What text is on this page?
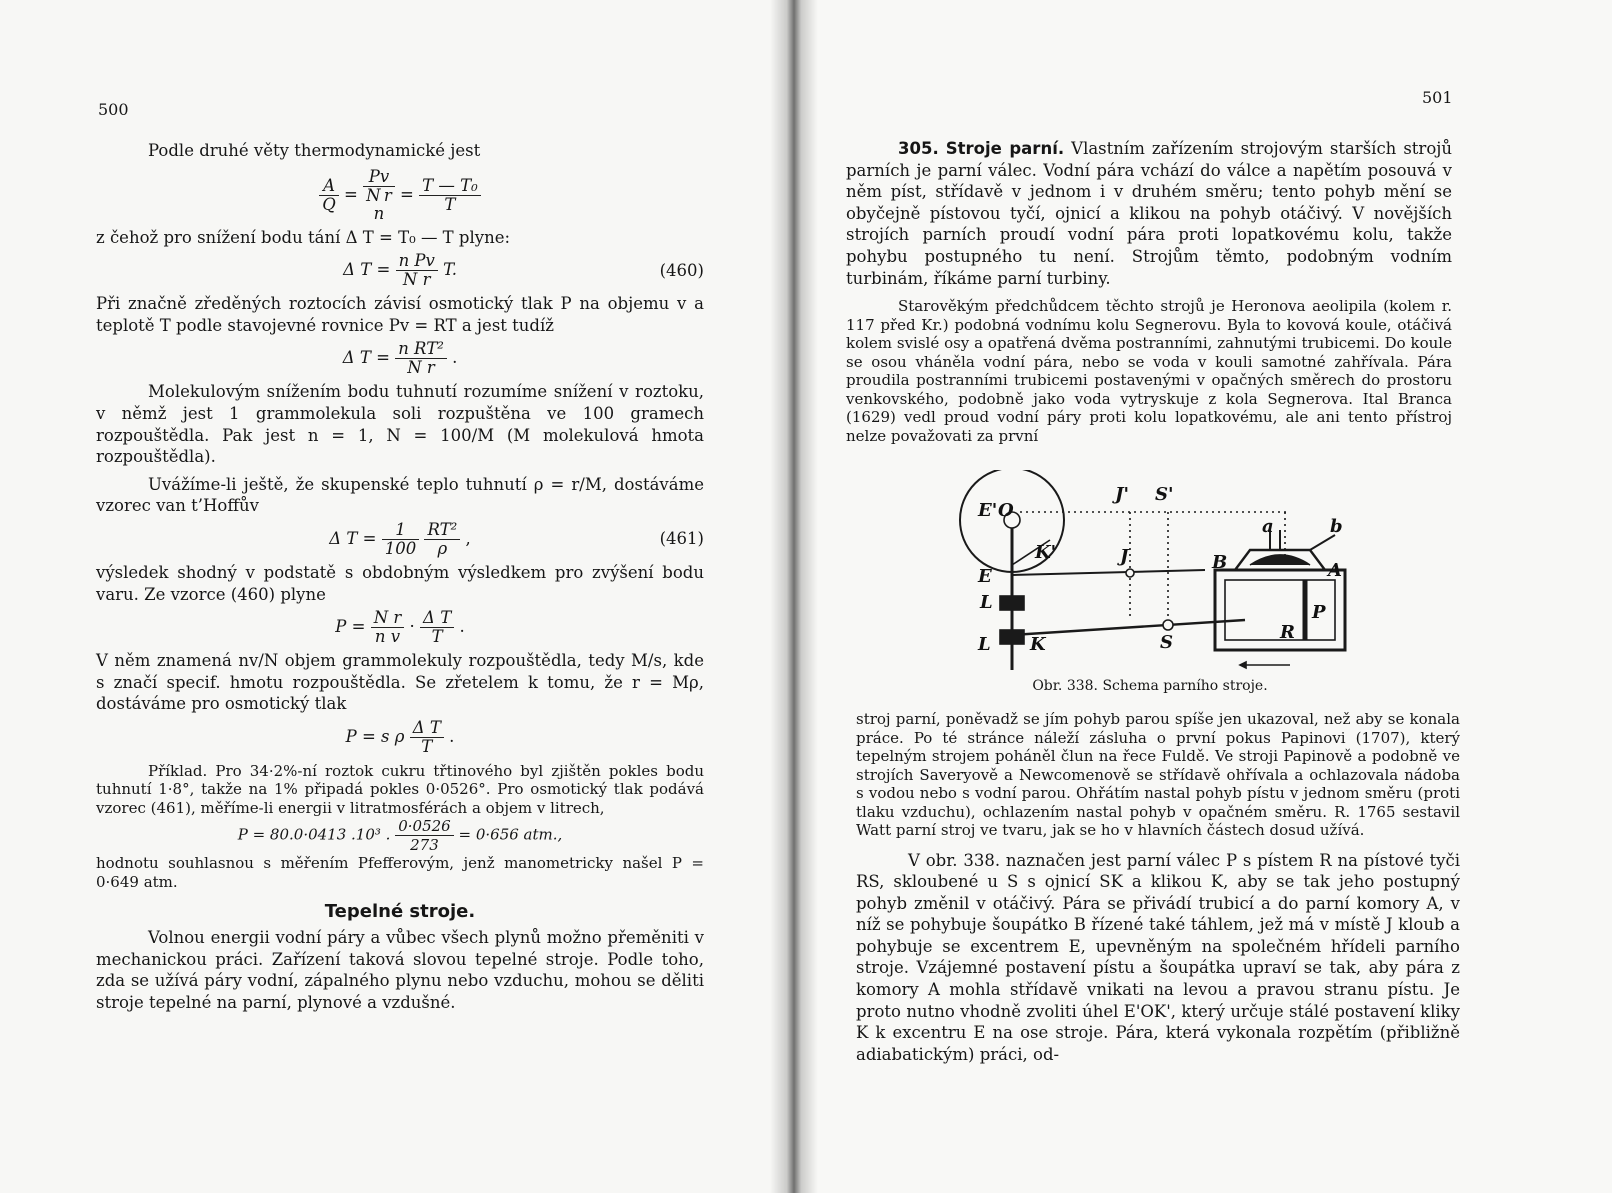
500

Podle druhé věty thermodynamické jest

$\frac{A}{Q}$ =
Pv
N  r
n
= $\frac{\text{T — T₀}}{T}$

z čehož pro snížení bodu tání Δ T = T₀ — T plyne:

Δ $T = \frac{\text{n Pv}}{\text{N r}} T$.	(460)

Při značně zředěných roztocích závisí osmotický tlak P na objemu v a teplotě T podle stavojevné rovnice Pv = RT a jest tudíž

Δ $T = \frac{\text{n RT²}}{\text{N r}}$ .

Molekulovým snížením bodu tuhnutí rozumíme snížení v roztoku, v němž jest 1 grammolekula soli rozpuštěna ve 100 gramech rozpouštědla. Pak jest n = 1, N = 100/M (M molekulová hmota rozpouštědla).

Uvážíme-li ještě, že skupenské teplo tuhnutí ρ = r/M, dostáváme vzorec van t’Hoffův

Δ $T = \frac{1}{100}$
$\frac{\text{RT²}}{\rho}$ ,	(461)

výsledek shodný v podstatě s obdobným výsledkem pro zvýšení bodu varu. Ze vzorce (460) plyne

$P = \frac{\text{N r}}{\text{n v}} \cdot \frac{\text{Δ T}}{T}$ .

V něm znamená nv/N objem grammolekuly rozpouštědla, tedy M/s, kde s značí specif. hmotu rozpouštědla. Se zřetelem k tomu, že r = Mρ, dostáváme pro osmotický tlak

P = s ρ $\frac{\text{Δ T}}{T}$ .

Příklad. Pro 34·2%-ní roztok cukru třtinového byl zjištěn pokles bodu tuhnutí 1·8°, takže na 1% připadá pokles 0·0526°. Pro osmotický tlak podává vzorec (461), měříme-li energii v litratmosférách a objem v litrech,

P = 80.0·0413 .10³ . $\frac{0\cdot 0526}{273} = 0\cdot 656$ atm.,

hodnotu souhlasnou s měřením Pfefferovým, jenž manometricky našel P = 0·649 atm.

Tepelné stroje.

Volnou energii vodní páry a vůbec všech plynů možno přeměniti v mechanickou práci. Zařízení taková slovou tepelné stroje. Podle toho, zda se užívá páry vodní, zápalného plynu nebo vzduchu, mohou se děliti stroje tepelné na parní, plynové a vzdušné.

501

305. Stroje parní. Vlastním zařízením strojovým starších strojů parních je parní válec. Vodní pára vchází do válce a napětím posouvá v něm píst, střídavě v jednom i v druhém směru; tento pohyb mění se obyčejně pístovou tyčí, ojnicí a klikou na pohyb otáčivý. V novějších strojích parních proudí vodní pára proti lopatkovému kolu, takže pohybu postupného tu není. Strojům těmto, podobným vodním turbinám, říkáme parní turbiny.

Starověkým předchůdcem těchto strojů je Heronova aeolipila (kolem r. 117 před Kr.) podobná vodnímu kolu Segnerovu. Byla to kovová koule, otáčivá kolem svislé osy a opatřená dvěma postranními, zahnutými trubicemi. Do koule se osou vháněla vodní pára, nebo se voda v kouli samotné zahřívala. Pára proudila postranními trubicemi postavenými v opačných směrech do prostoru venkovského, podobně jako voda vytryskuje z kola Segnerova. Ital Branca (1629) vedl proud vodní páry proti kolu lopatkovému, ale ani tento přístroj nelze považovati za první

E' O
J' S'
K'	J	B
a	b
E
L
A
P
L K	S	R
Obr. 338. Schema parního stroje.

stroj parní, poněvadž se jím pohyb parou spíše jen ukazoval, než aby se konala práce. Po té stránce náleží zásluha o první pokus Papinovi (1707), který tepelným strojem poháněl člun na řece Fuldě. Ve stroji Papinově a podobně ve strojích Saveryově a Newcomenově se střídavě ohřívala a ochlazovala nádoba s vodou nebo s vodní parou. Ohřátím nastal pohyb pístu v jednom směru (proti tlaku vzduchu), ochlazením nastal pohyb v opačném směru. R. 1765 sestavil Watt parní stroj ve tvaru, jak se ho v hlavních částech dosud užívá.

V obr. 338. naznačen jest parní válec P s pístem R na pístové tyči RS, skloubené u S s ojnicí SK a klikou K, aby se tak jeho postupný pohyb změnil v otáčivý. Pára se přivádí trubicí a do parní komory A, v níž se pohybuje šoupátko B řízené také táhlem, jež má v místě J kloub a pohybuje se excentrem E, upevněným na společném hřídeli parního stroje. Vzájemné postavení pístu a šoupátka upraví se tak, aby pára z komory A mohla střídavě vnikati na levou a pravou stranu pístu. Je proto nutno vhodně zvoliti úhel E'OK', který určuje stálé postavení kliky K k excentru E na ose stroje. Pára, která vykonala rozpětím (přibližně adiabatickým) práci, od-
